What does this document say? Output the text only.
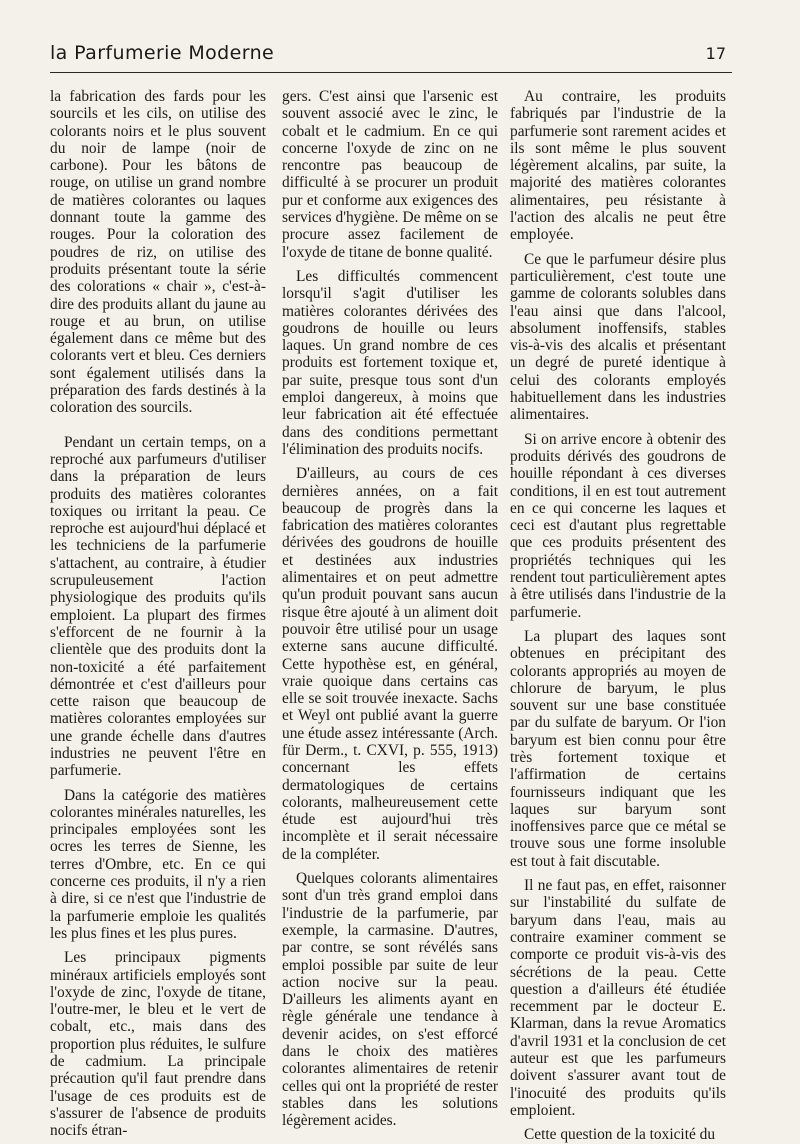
la Parfumerie Moderne	17

la fabrication des fards pour les sourcils et les cils, on utilise des colorants noirs et le plus souvent du noir de lampe (noir de carbone). Pour les bâtons de rouge, on utilise un grand nombre de matières colorantes ou laques donnant toute la gamme des rouges. Pour la coloration des poudres de riz, on utilise des produits présentant toute la série des colorations « chair », c'est-à-dire des produits allant du jaune au rouge et au brun, on utilise également dans ce même but des colorants vert et bleu. Ces derniers sont également utilisés dans la préparation des fards destinés à la coloration des sourcils.

Pendant un certain temps, on a reproché aux parfumeurs d'utiliser dans la préparation de leurs produits des matières colorantes toxiques ou irritant la peau. Ce reproche est aujourd'hui déplacé et les techniciens de la parfumerie s'attachent, au contraire, à étudier scrupuleusement l'action physiologique des produits qu'ils emploient. La plupart des firmes s'efforcent de ne fournir à la clientèle que des produits dont la non-toxicité a été parfaitement démontrée et c'est d'ailleurs pour cette raison que beaucoup de matières colorantes employées sur une grande échelle dans d'autres industries ne peuvent l'être en parfumerie.

Dans la catégorie des matières colorantes minérales naturelles, les principales employées sont les ocres les terres de Sienne, les terres d'Ombre, etc. En ce qui concerne ces produits, il n'y a rien à dire, si ce n'est que l'industrie de la parfumerie emploie les qualités les plus fines et les plus pures.

Les principaux pigments minéraux artificiels employés sont l'oxyde de zinc, l'oxyde de titane, l'outre-mer, le bleu et le vert de cobalt, etc., mais dans des proportion plus réduites, le sulfure de cadmium. La principale précaution qu'il faut prendre dans l'usage de ces produits est de s'assurer de l'absence de produits nocifs étran-

gers. C'est ainsi que l'arsenic est souvent associé avec le zinc, le cobalt et le cadmium. En ce qui concerne l'oxyde de zinc on ne rencontre pas beaucoup de difficulté à se procurer un produit pur et conforme aux exigences des services d'hygiène. De même on se procure assez facilement de l'oxyde de titane de bonne qualité.

Les difficultés commencent lorsqu'il s'agit d'utiliser les matières colorantes dérivées des goudrons de houille ou leurs laques. Un grand nombre de ces produits est fortement toxique et, par suite, presque tous sont d'un emploi dangereux, à moins que leur fabrication ait été effectuée dans des conditions permettant l'élimination des produits nocifs.

D'ailleurs, au cours de ces dernières années, on a fait beaucoup de progrès dans la fabrication des matières colorantes dérivées des goudrons de houille et destinées aux industries alimentaires et on peut admettre qu'un produit pouvant sans aucun risque être ajouté à un aliment doit pouvoir être utilisé pour un usage externe sans aucune difficulté. Cette hypothèse est, en général, vraie quoique dans certains cas elle se soit trouvée inexacte. Sachs et Weyl ont publié avant la guerre une étude assez intéressante (Arch. für Derm., t. CXVI, p. 555, 1913) concernant les effets dermatologiques de certains colorants, malheureusement cette étude est aujourd'hui très incomplète et il serait nécessaire de la compléter.

Quelques colorants alimentaires sont d'un très grand emploi dans l'industrie de la parfumerie, par exemple, la carmasine. D'autres, par contre, se sont révélés sans emploi possible par suite de leur action nocive sur la peau. D'ailleurs les aliments ayant en règle générale une tendance à devenir acides, on s'est efforcé dans le choix des matières colorantes alimentaires de retenir celles qui ont la propriété de rester stables dans les solutions légèrement acides.

Au contraire, les produits fabriqués par l'industrie de la parfumerie sont rarement acides et ils sont même le plus souvent légèrement alcalins, par suite, la majorité des matières colorantes alimentaires, peu résistante à l'action des alcalis ne peut être employée.

Ce que le parfumeur désire plus particulièrement, c'est toute une gamme de colorants solubles dans l'eau ainsi que dans l'alcool, absolument inoffensifs, stables vis-à-vis des alcalis et présentant un degré de pureté identique à celui des colorants employés habituellement dans les industries alimentaires.

Si on arrive encore à obtenir des produits dérivés des goudrons de houille répondant à ces diverses conditions, il en est tout autrement en ce qui concerne les laques et ceci est d'autant plus regrettable que ces produits présentent des propriétés techniques qui les rendent tout particulièrement aptes à être utilisés dans l'industrie de la parfumerie.

La plupart des laques sont obtenues en précipitant des colorants appropriés au moyen de chlorure de baryum, le plus souvent sur une base constituée par du sulfate de baryum. Or l'ion baryum est bien connu pour être très fortement toxique et l'affirmation de certains fournisseurs indiquant que les laques sur baryum sont inoffensives parce que ce métal se trouve sous une forme insoluble est tout à fait discutable.

Il ne faut pas, en effet, raisonner sur l'instabilité du sulfate de baryum dans l'eau, mais au contraire examiner comment se comporte ce produit vis-à-vis des sécrétions de la peau. Cette question a d'ailleurs été étudiée recemment par le docteur E. Klarman, dans la revue Aromatics d'avril 1931 et la conclusion de cet auteur est que les parfumeurs doivent s'assurer avant tout de l'inocuité des produits qu'ils emploient.

Cette question de la toxicité du
